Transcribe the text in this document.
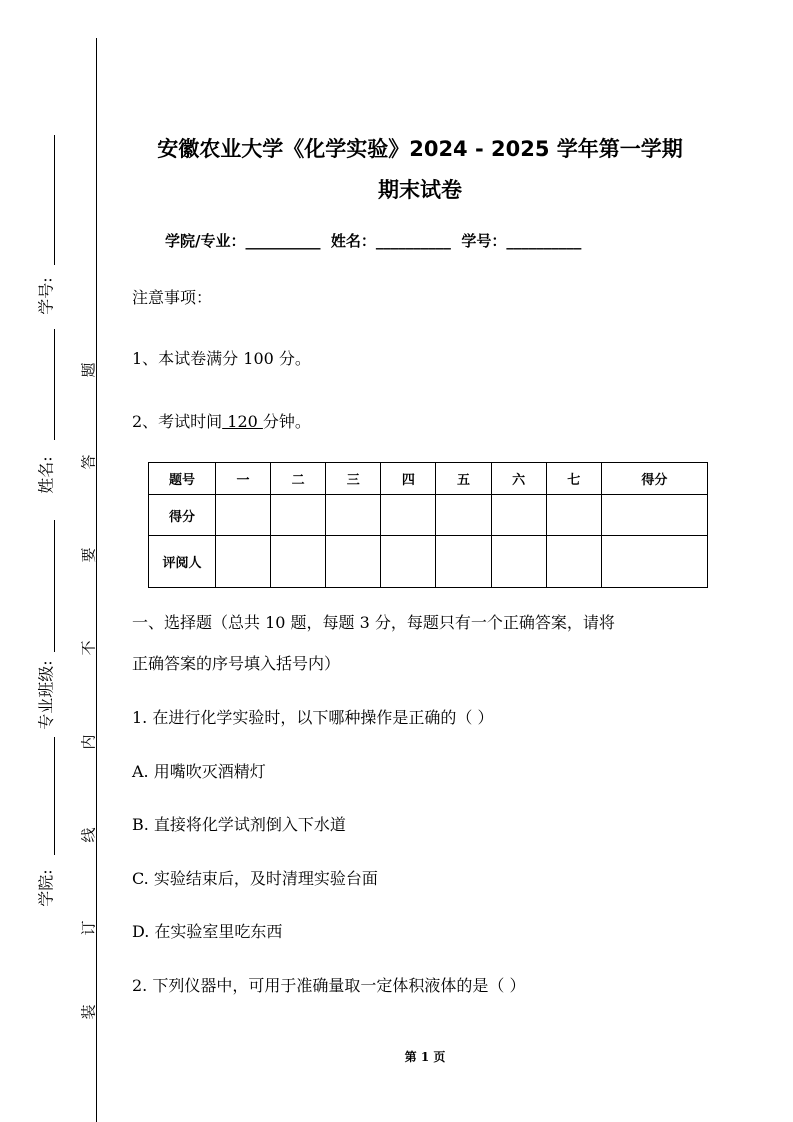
学号:
姓名:
专业班级:
学院:
题
答
要
不
内
线
订
装
安徽农业大学《化学实验》2024 - 2025 学年第一学期
期末试卷
学院/专业：__________  姓名：__________  学号：__________
注意事项：
1、本试卷满分 100 分。
2、考试时间 120 分钟。
题号	一	二	三	四	五	六	七	得分
得分								
评阅人								
一、选择题（总共 10 题，每题 3 分，每题只有一个正确答案，请将
正确答案的序号填入括号内）
1. 在进行化学实验时，以下哪种操作是正确的（ ）
A. 用嘴吹灭酒精灯
B. 直接将化学试剂倒入下水道
C. 实验结束后，及时清理实验台面
D. 在实验室里吃东西
2. 下列仪器中，可用于准确量取一定体积液体的是（ ）
第 1 页
